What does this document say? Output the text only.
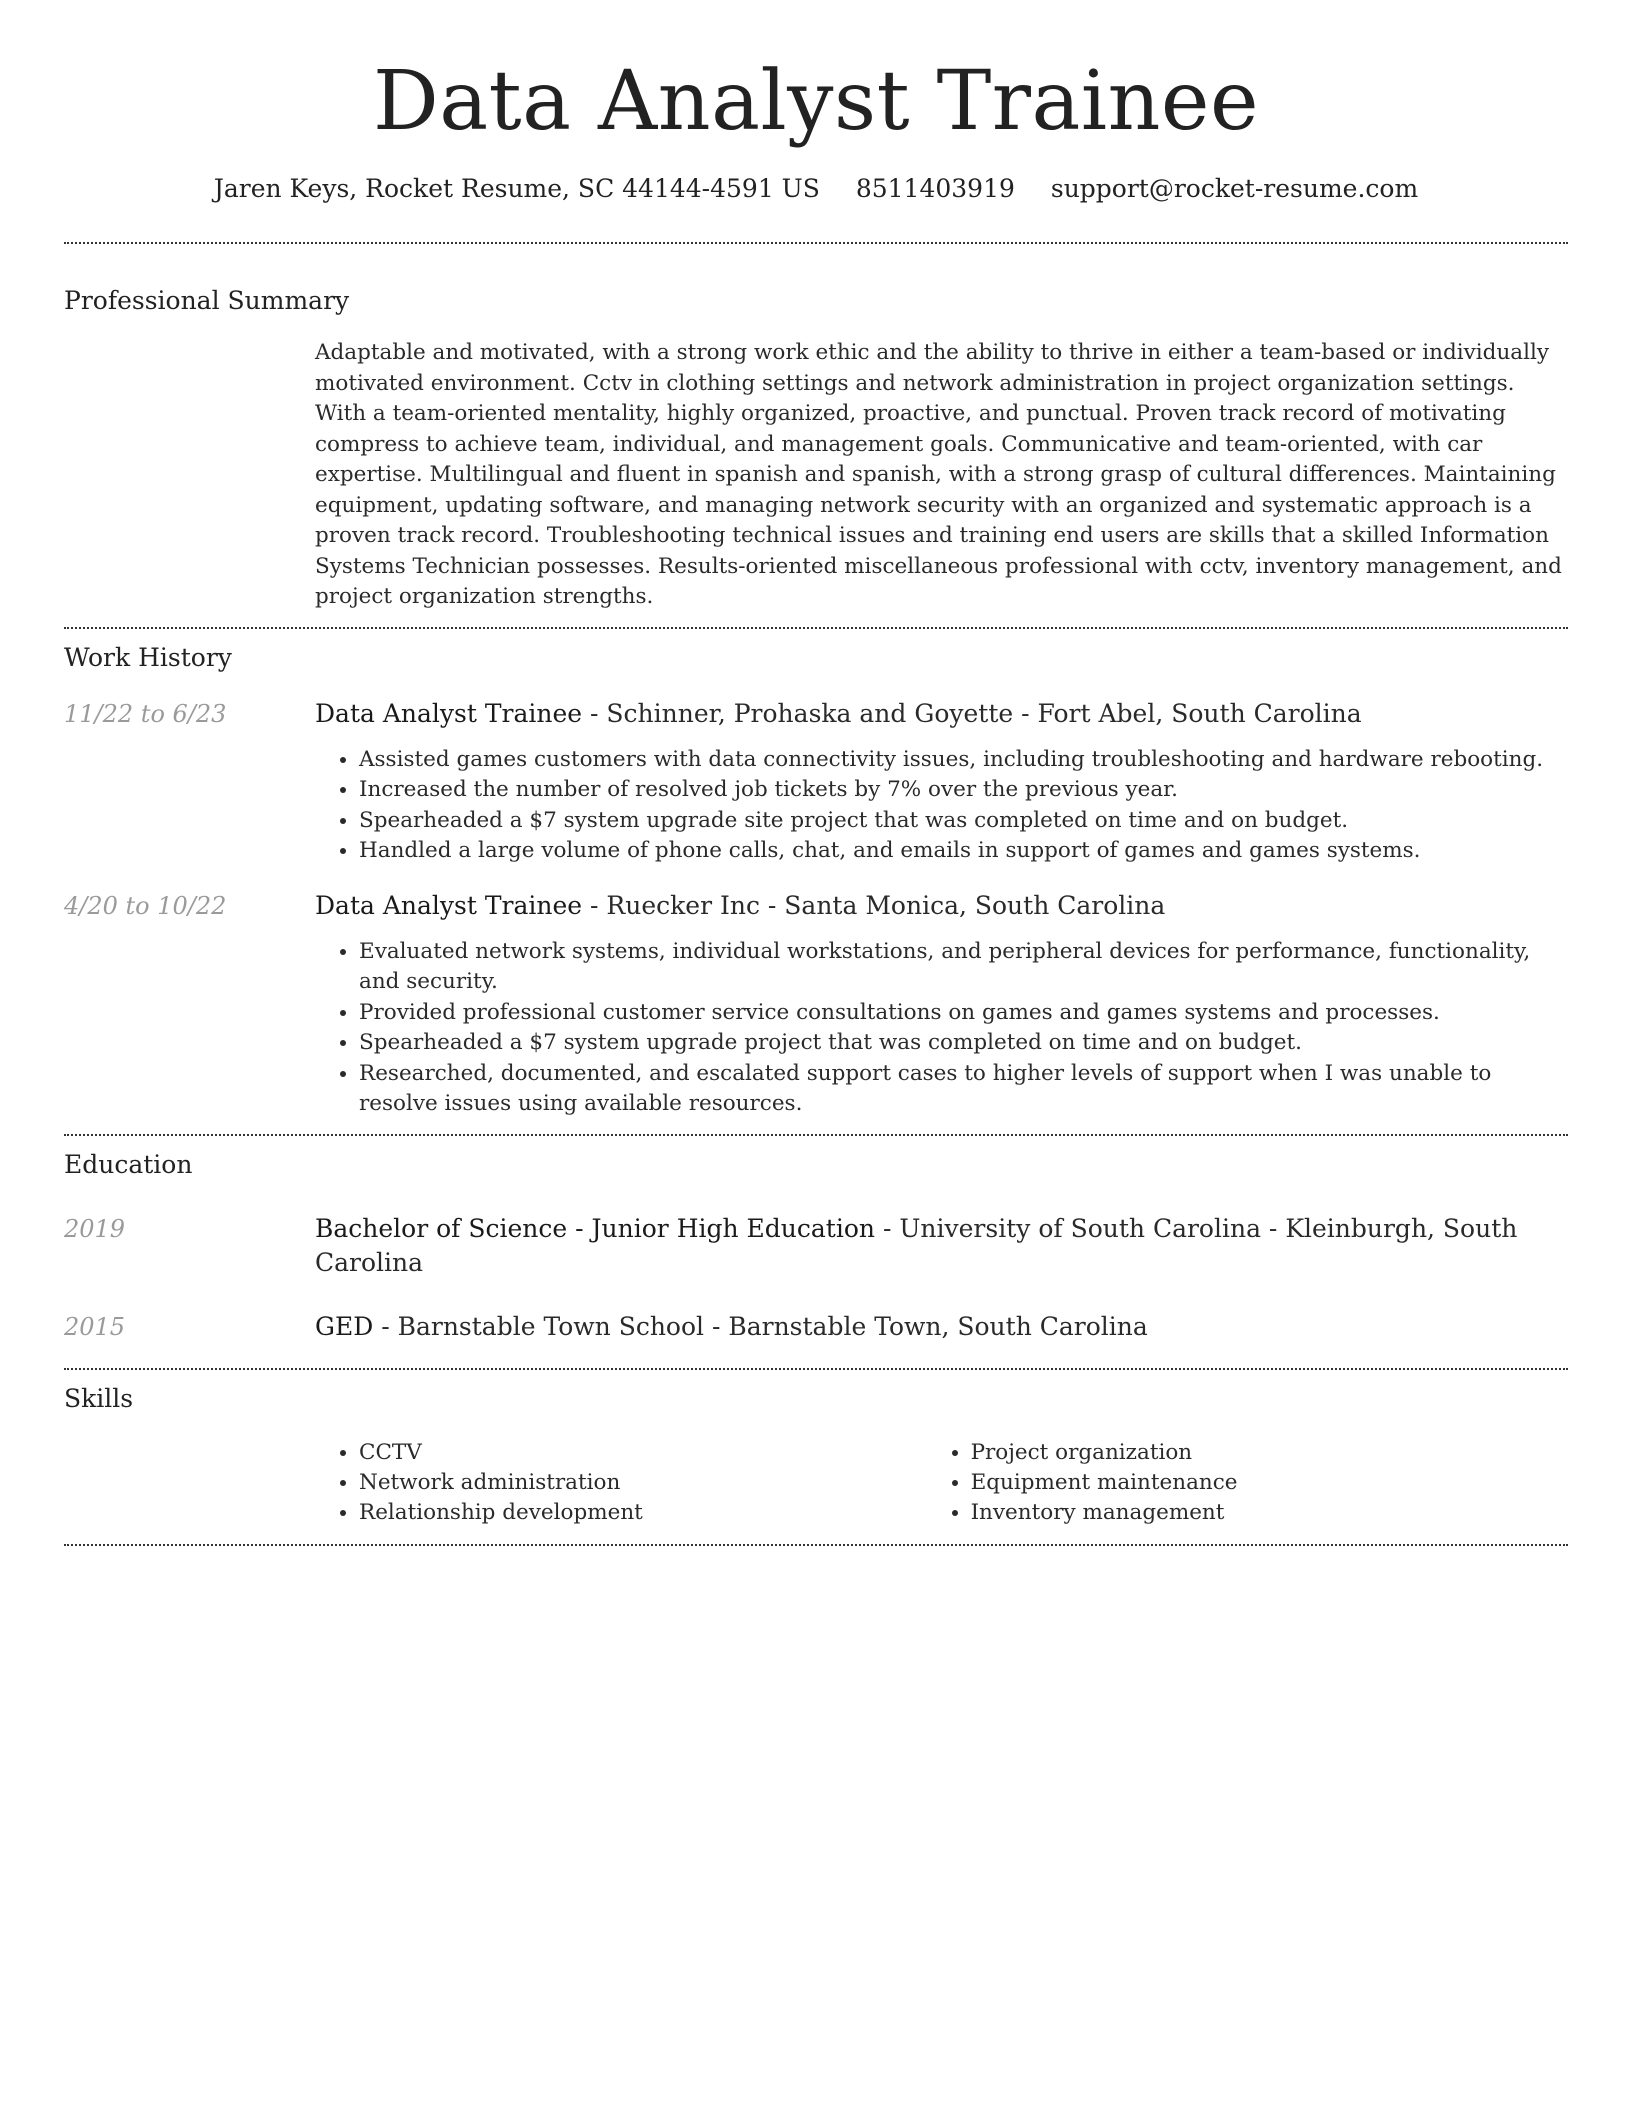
Data Analyst Trainee
Jaren Keys, Rocket Resume, SC 44144-4591 US 8511403919 support@rocket-resume.com
Professional Summary
Adaptable and motivated, with a strong work ethic and the ability to thrive in either a team-based or individually motivated environment. Cctv in clothing settings and network administration in project organization settings. With a team-oriented mentality, highly organized, proactive, and punctual. Proven track record of motivating compress to achieve team, individual, and management goals. Communicative and team-oriented, with car expertise. Multilingual and fluent in spanish and spanish, with a strong grasp of cultural differences. Maintaining equipment, updating software, and managing network security with an organized and systematic approach is a proven track record. Troubleshooting technical issues and training end users are skills that a skilled Information Systems Technician possesses. Results-oriented miscellaneous professional with cctv, inventory management, and project organization strengths.
Work History
11/22 to 6/23	Data Analyst Trainee - Schinner, Prohaska and Goyette - Fort Abel, South Carolina
• Assisted games customers with data connectivity issues, including troubleshooting and hardware rebooting.
• Increased the number of resolved job tickets by 7% over the previous year.
• Spearheaded a $7 system upgrade site project that was completed on time and on budget.
• Handled a large volume of phone calls, chat, and emails in support of games and games systems.
4/20 to 10/22	Data Analyst Trainee - Ruecker Inc - Santa Monica, South Carolina
• Evaluated network systems, individual workstations, and peripheral devices for performance, functionality, and security.
• Provided professional customer service consultations on games and games systems and processes.
• Spearheaded a $7 system upgrade project that was completed on time and on budget.
• Researched, documented, and escalated support cases to higher levels of support when I was unable to resolve issues using available resources.
Education
2019	Bachelor of Science - Junior High Education - University of South Carolina - Kleinburgh, South Carolina
2015	GED - Barnstable Town School - Barnstable Town, South Carolina
Skills
• CCTV
• Network administration
• Relationship development
• Project organization
• Equipment maintenance
• Inventory management
